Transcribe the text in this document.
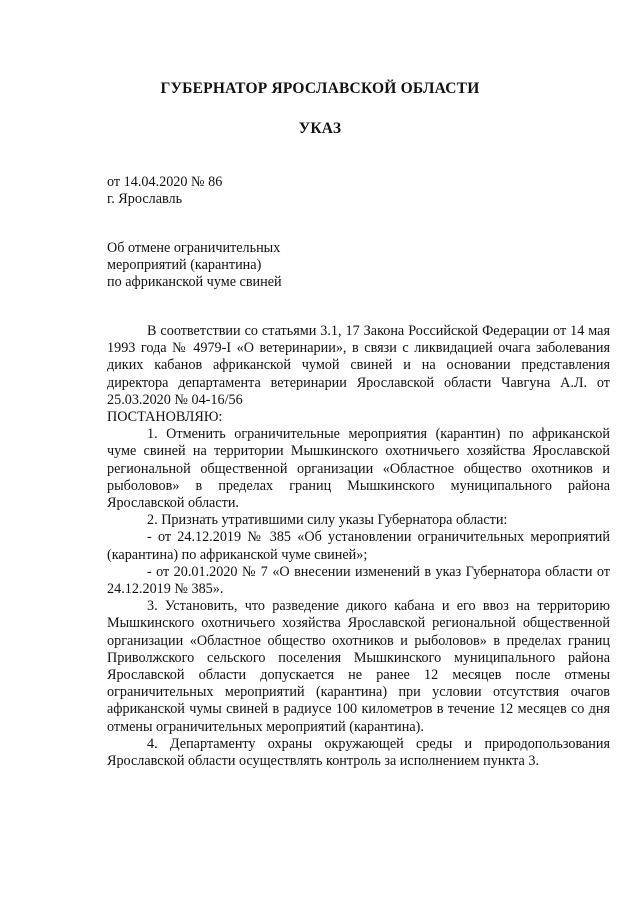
ГУБЕРНАТОР ЯРОСЛАВСКОЙ ОБЛАСТИ
УКАЗ
от 14.04.2020 № 86
г. Ярославль
Об отмене ограничительных
мероприятий (карантина)
по африканской чуме свиней

В соответствии со статьями 3.1, 17 Закона Российской Федерации от 14 мая 1993 года № 4979-I «О ветеринарии», в связи с ликвидацией очага заболевания диких кабанов африканской чумой свиней и на основании представления директора департамента ветеринарии Ярославской области Чавгуна А.Л. от 25.03.2020 № 04-16/56

ПОСТАНОВЛЯЮ:

1. Отменить ограничительные мероприятия (карантин) по африканской чуме свиней на территории Мышкинского охотничьего хозяйства Ярославской региональной общественной организации «Областное общество охотников и рыболовов» в пределах границ Мышкинского муниципального района Ярославской области.

2. Признать утратившими силу указы Губернатора области:

- от 24.12.2019 № 385 «Об установлении ограничительных мероприятий (карантина) по африканской чуме свиней»;

- от 20.01.2020 № 7 «О внесении изменений в указ Губернатора области от 24.12.2019 № 385».

3. Установить, что разведение дикого кабана и его ввоз на территорию Мышкинского охотничьего хозяйства Ярославской региональной общественной организации «Областное общество охотников и рыболовов» в пределах границ Приволжского сельского поселения Мышкинского муниципального района Ярославской области допускается не ранее 12 месяцев после отмены ограничительных мероприятий (карантина) при условии отсутствия очагов африканской чумы свиней в радиусе 100 километров в течение 12 месяцев со дня отмены ограничительных мероприятий (карантина).

4. Департаменту охраны окружающей среды и природопользования Ярославской области осуществлять контроль за исполнением пункта 3.
